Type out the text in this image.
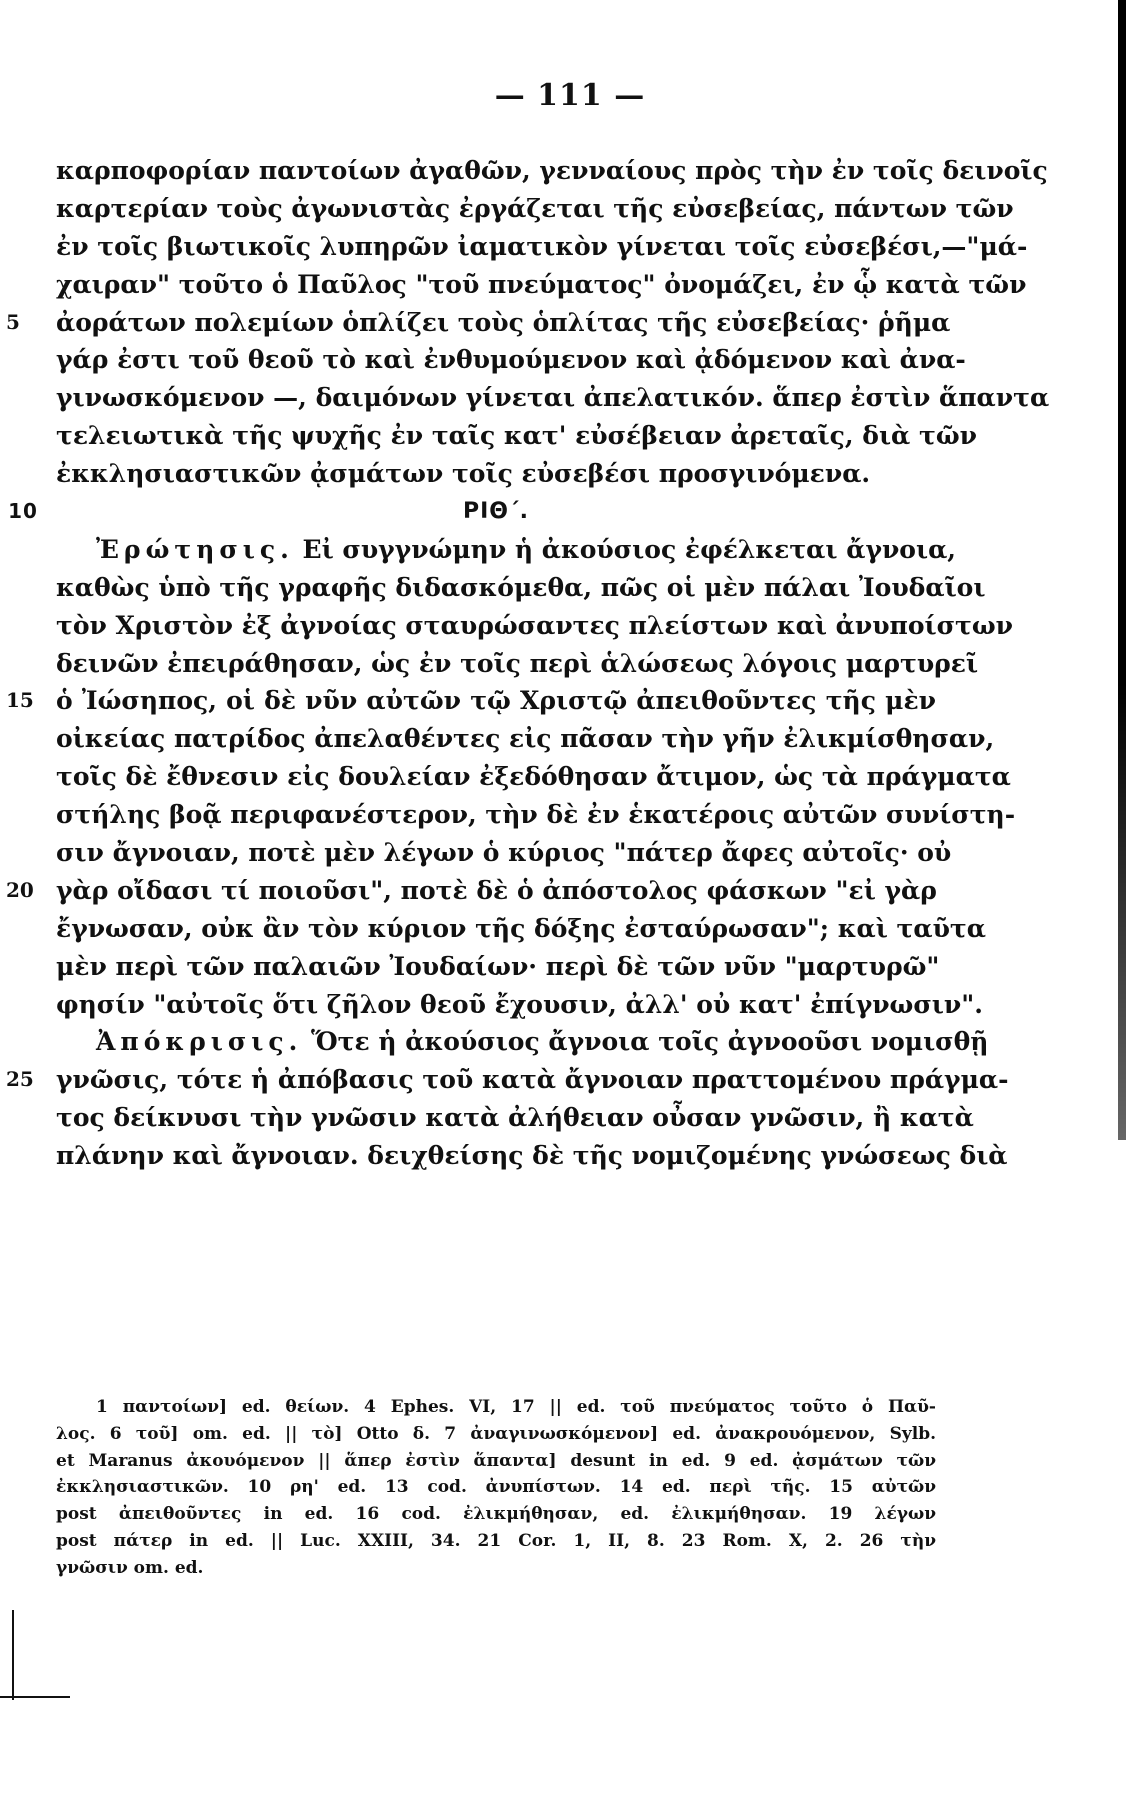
— 111 —
καρποφορίαν παντοίων ἀγαθῶν, γενναίους πρὸς τὴν ἐν τοῖς δεινοῖς
καρτερίαν τοὺς ἀγωνιστὰς ἐργάζεται τῆς εὐσεβείας, πάντων τῶν
ἐν τοῖς βιωτικοῖς λυπηρῶν ἰαματικὸν γίνεται τοῖς εὐσεβέσι,—"μά-
χαιραν" τοῦτο ὁ Παῦλος "τοῦ πνεύματος" ὀνομάζει, ἐν ᾧ κατὰ τῶν
5	ἀοράτων πολεμίων ὁπλίζει τοὺς ὁπλίτας τῆς εὐσεβείας· ῥῆμα
γάρ ἐστι τοῦ θεοῦ τὸ καὶ ἐνθυμούμενον καὶ ᾀδόμενον καὶ ἀνα-
γινωσκόμενον —, δαιμόνων γίνεται ἀπελατικόν. ἅπερ ἐστὶν ἅπαντα
τελειωτικὰ τῆς ψυχῆς ἐν ταῖς κατ' εὐσέβειαν ἀρεταῖς, διὰ τῶν
ἐκκλησιαστικῶν ᾀσμάτων τοῖς εὐσεβέσι προσγινόμενα.
10	ΡΙΘ΄.
Ἐρώτησις. Εἰ συγγνώμην ἡ ἀκούσιος ἐφέλκεται ἄγνοια,
καθὼς ὑπὸ τῆς γραφῆς διδασκόμεθα, πῶς οἱ μὲν πάλαι Ἰουδαῖοι
τὸν Χριστὸν ἐξ ἀγνοίας σταυρώσαντες πλείστων καὶ ἀνυποίστων
δεινῶν ἐπειράθησαν, ὡς ἐν τοῖς περὶ ἁλώσεως λόγοις μαρτυρεῖ
15 ὁ Ἰώσηπος, οἱ δὲ νῦν αὐτῶν τῷ Χριστῷ ἀπειθοῦντες τῆς μὲν
οἰκείας πατρίδος ἀπελαθέντες εἰς πᾶσαν τὴν γῆν ἐλικμίσθησαν,
τοῖς δὲ ἔθνεσιν εἰς δουλείαν ἐξεδόθησαν ἄτιμον, ὡς τὰ πράγματα
στήλης βοᾷ περιφανέστερον, τὴν δὲ ἐν ἑκατέροις αὐτῶν συνίστη-
σιν ἄγνοιαν, ποτὲ μὲν λέγων ὁ κύριος "πάτερ ἄφες αὐτοῖς· οὐ
20 γὰρ οἴδασι τί ποιοῦσι", ποτὲ δὲ ὁ ἀπόστολος φάσκων "εἰ γὰρ
ἔγνωσαν, οὐκ ἂν τὸν κύριον τῆς δόξης ἐσταύρωσαν"; καὶ ταῦτα
μὲν περὶ τῶν παλαιῶν Ἰουδαίων· περὶ δὲ τῶν νῦν "μαρτυρῶ"
φησίν "αὐτοῖς ὅτι ζῆλον θεοῦ ἔχουσιν, ἀλλ' οὐ κατ' ἐπίγνωσιν".
Ἀπόκρισις. Ὅτε ἡ ἀκούσιος ἄγνοια τοῖς ἀγνοοῦσι νομισθῇ
25 γνῶσις, τότε ἡ ἀπόβασις τοῦ κατὰ ἄγνοιαν πραττομένου πράγμα-
τος δείκνυσι τὴν γνῶσιν κατὰ ἀλήθειαν οὖσαν γνῶσιν, ἢ κατὰ
πλάνην καὶ ἄγνοιαν. δειχθείσης δὲ τῆς νομιζομένης γνώσεως διὰ
1 παντοίων] ed. θείων. 4 Ephes. VI, 17 || ed. τοῦ πνεύματος τοῦτο ὁ Παῦ-
λος. 6 τοῦ] om. ed. || τὸ] Otto δ. 7 ἀναγινωσκόμενον] ed. ἀνακρουόμενον, Sylb.
et Maranus ἀκουόμενον || ἅπερ ἐστὶν ἅπαντα] desunt in ed. 9 ed. ᾀσμάτων τῶν
ἐκκλησιαστικῶν. 10 ρη' ed. 13 cod. ἀνυπίστων. 14 ed. περὶ τῆς. 15 αὐτῶν
post ἀπειθοῦντες in ed. 16 cod. ἐλικμήθησαν, ed. ἐλικμήθησαν. 19 λέγων
post πάτερ in ed. || Luc. XXIII, 34. 21 Cor. 1, II, 8. 23 Rom. X, 2. 26 τὴν
γνῶσιν om. ed.
